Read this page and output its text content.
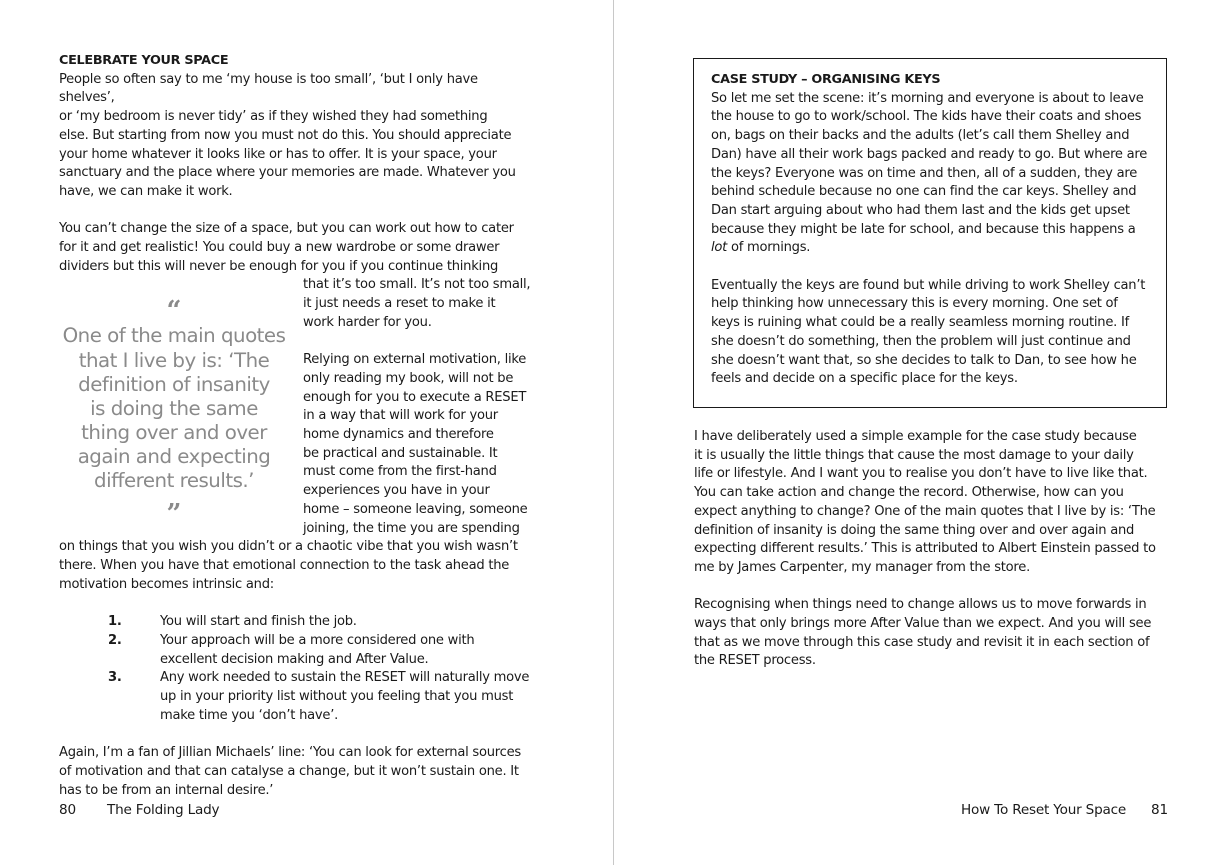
CELEBRATE YOUR SPACE
People so often say to me ‘my house is too small’, ‘but I only have shelves’,
or ‘my bedroom is never tidy’ as if they wished they had something
else. But starting from now you must not do this. You should appreciate
your home whatever it looks like or has to offer. It is your space, your
sanctuary and the place where your memories are made. Whatever you
have, we can make it work.
You can’t change the size of a space, but you can work out how to cater
for it and get realistic! You could buy a new wardrobe or some drawer
dividers but this will never be enough for you if you continue thinking
“
One of the main quotes
that I live by is: ‘The
definition of insanity
is doing the same
thing over and over
again and expecting
different results.’
”
that it’s too small. It’s not too small,
it just needs a reset to make it
work harder for you.
Relying on external motivation, like
only reading my book, will not be
enough for you to execute a RESET
in a way that will work for your
home dynamics and therefore
be practical and sustainable. It
must come from the first-hand
experiences you have in your
home – someone leaving, someone
joining, the time you are spending
on things that you wish you didn’t or a chaotic vibe that you wish wasn’t
there. When you have that emotional connection to the task ahead the
motivation becomes intrinsic and:
1.	You will start and finish the job.
2.	Your approach will be a more considered one with
excellent decision making and After Value.
3.	Any work needed to sustain the RESET will naturally move
up in your priority list without you feeling that you must
make time you ‘don’t have’.
Again, I’m a fan of Jillian Michaels’ line: ‘You can look for external sources
of motivation and that can catalyse a change, but it won’t sustain one. It
has to be from an internal desire.’
80 The Folding Lady
CASE STUDY – ORGANISING KEYS
So let me set the scene: it’s morning and everyone is about to leave
the house to go to work/school. The kids have their coats and shoes
on, bags on their backs and the adults (let’s call them Shelley and
Dan) have all their work bags packed and ready to go. But where are
the keys? Everyone was on time and then, all of a sudden, they are
behind schedule because no one can find the car keys. Shelley and
Dan start arguing about who had them last and the kids get upset
because they might be late for school, and because this happens a
lot of mornings.
Eventually the keys are found but while driving to work Shelley can’t
help thinking how unnecessary this is every morning. One set of
keys is ruining what could be a really seamless morning routine. If
she doesn’t do something, then the problem will just continue and
she doesn’t want that, so she decides to talk to Dan, to see how he
feels and decide on a specific place for the keys.
I have deliberately used a simple example for the case study because
it is usually the little things that cause the most damage to your daily
life or lifestyle. And I want you to realise you don’t have to live like that.
You can take action and change the record. Otherwise, how can you
expect anything to change? One of the main quotes that I live by is: ‘The
definition of insanity is doing the same thing over and over again and
expecting different results.’ This is attributed to Albert Einstein passed to
me by James Carpenter, my manager from the store.
Recognising when things need to change allows us to move forwards in
ways that only brings more After Value than we expect. And you will see
that as we move through this case study and revisit it in each section of
the RESET process.
How To Reset Your Space 81
